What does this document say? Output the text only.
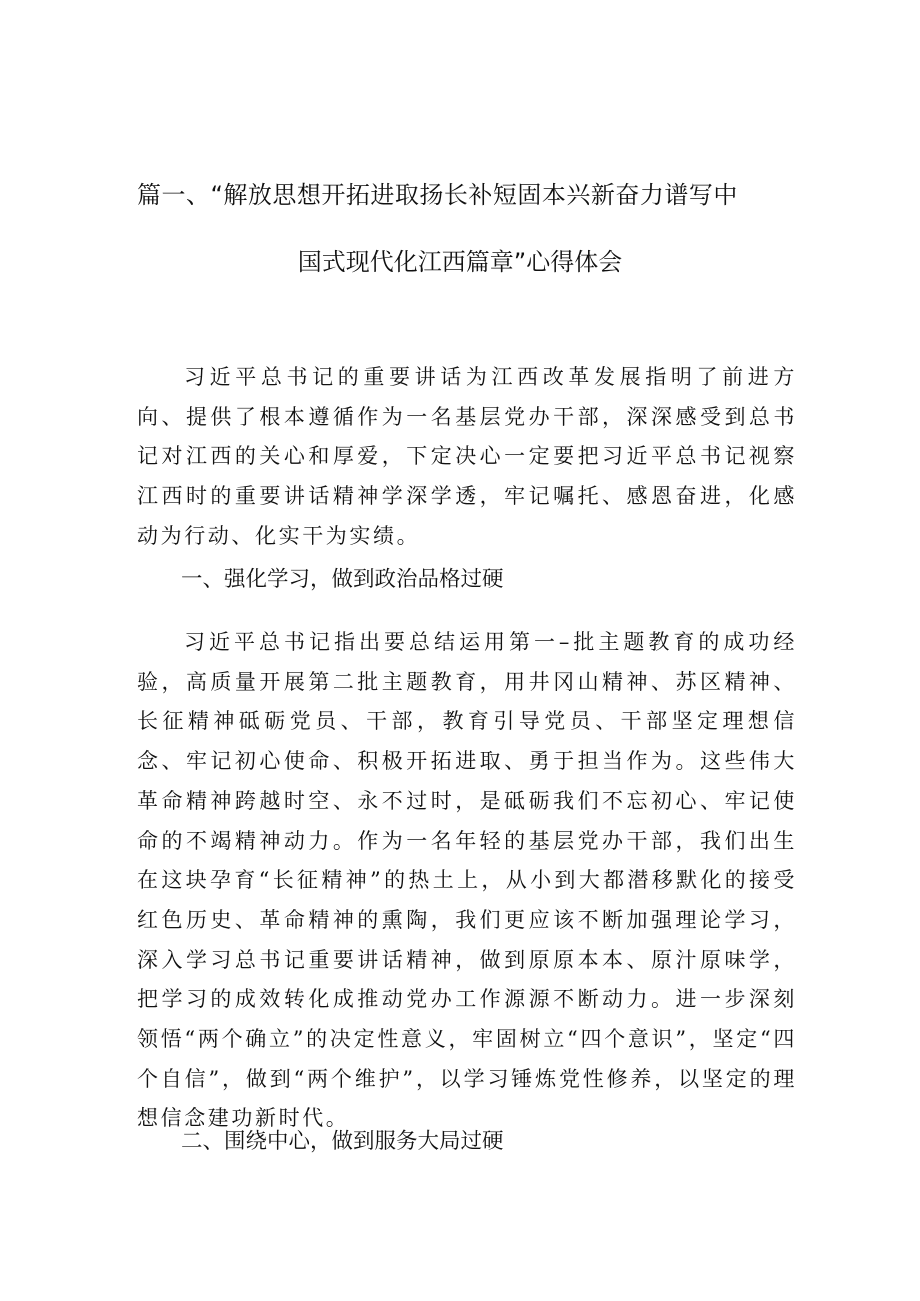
篇一、“解放思想开拓进取扬长补短固本兴新奋力谱写中
国式现代化江西篇章”心得体会

习近平总书记的重要讲话为江西改革发展指明了前进方向、提供了根本遵循作为一名基层党办干部，深深感受到总书记对江西的关心和厚爱，下定决心一定要把习近平总书记视察江西时的重要讲话精神学深学透，牢记嘱托、感恩奋进，化感动为行动、化实干为实绩。

一、强化学习，做到政治品格过硬

习近平总书记指出要总结运用第一–批主题教育的成功经验，高质量开展第二批主题教育，用井冈山精神、苏区精神、长征精神砥砺党员、干部，教育引导党员、干部坚定理想信念、牢记初心使命、积极开拓进取、勇于担当作为。这些伟大革命精神跨越时空、永不过时，是砥砺我们不忘初心、牢记使命的不竭精神动力。作为一名年轻的基层党办干部，我们出生在这块孕育“长征精神”的热土上，从小到大都潜移默化的接受红色历史、革命精神的熏陶，我们更应该不断加强理论学习，深入学习总书记重要讲话精神，做到原原本本、原汁原味学，把学习的成效转化成推动党办工作源源不断动力。进一步深刻领悟“两个确立”的决定性意义，牢固树立“四个意识”，坚定“四个自信”，做到“两个维护”，以学习锤炼党性修养，以坚定的理想信念建功新时代。

二、围绕中心，做到服务大局过硬
